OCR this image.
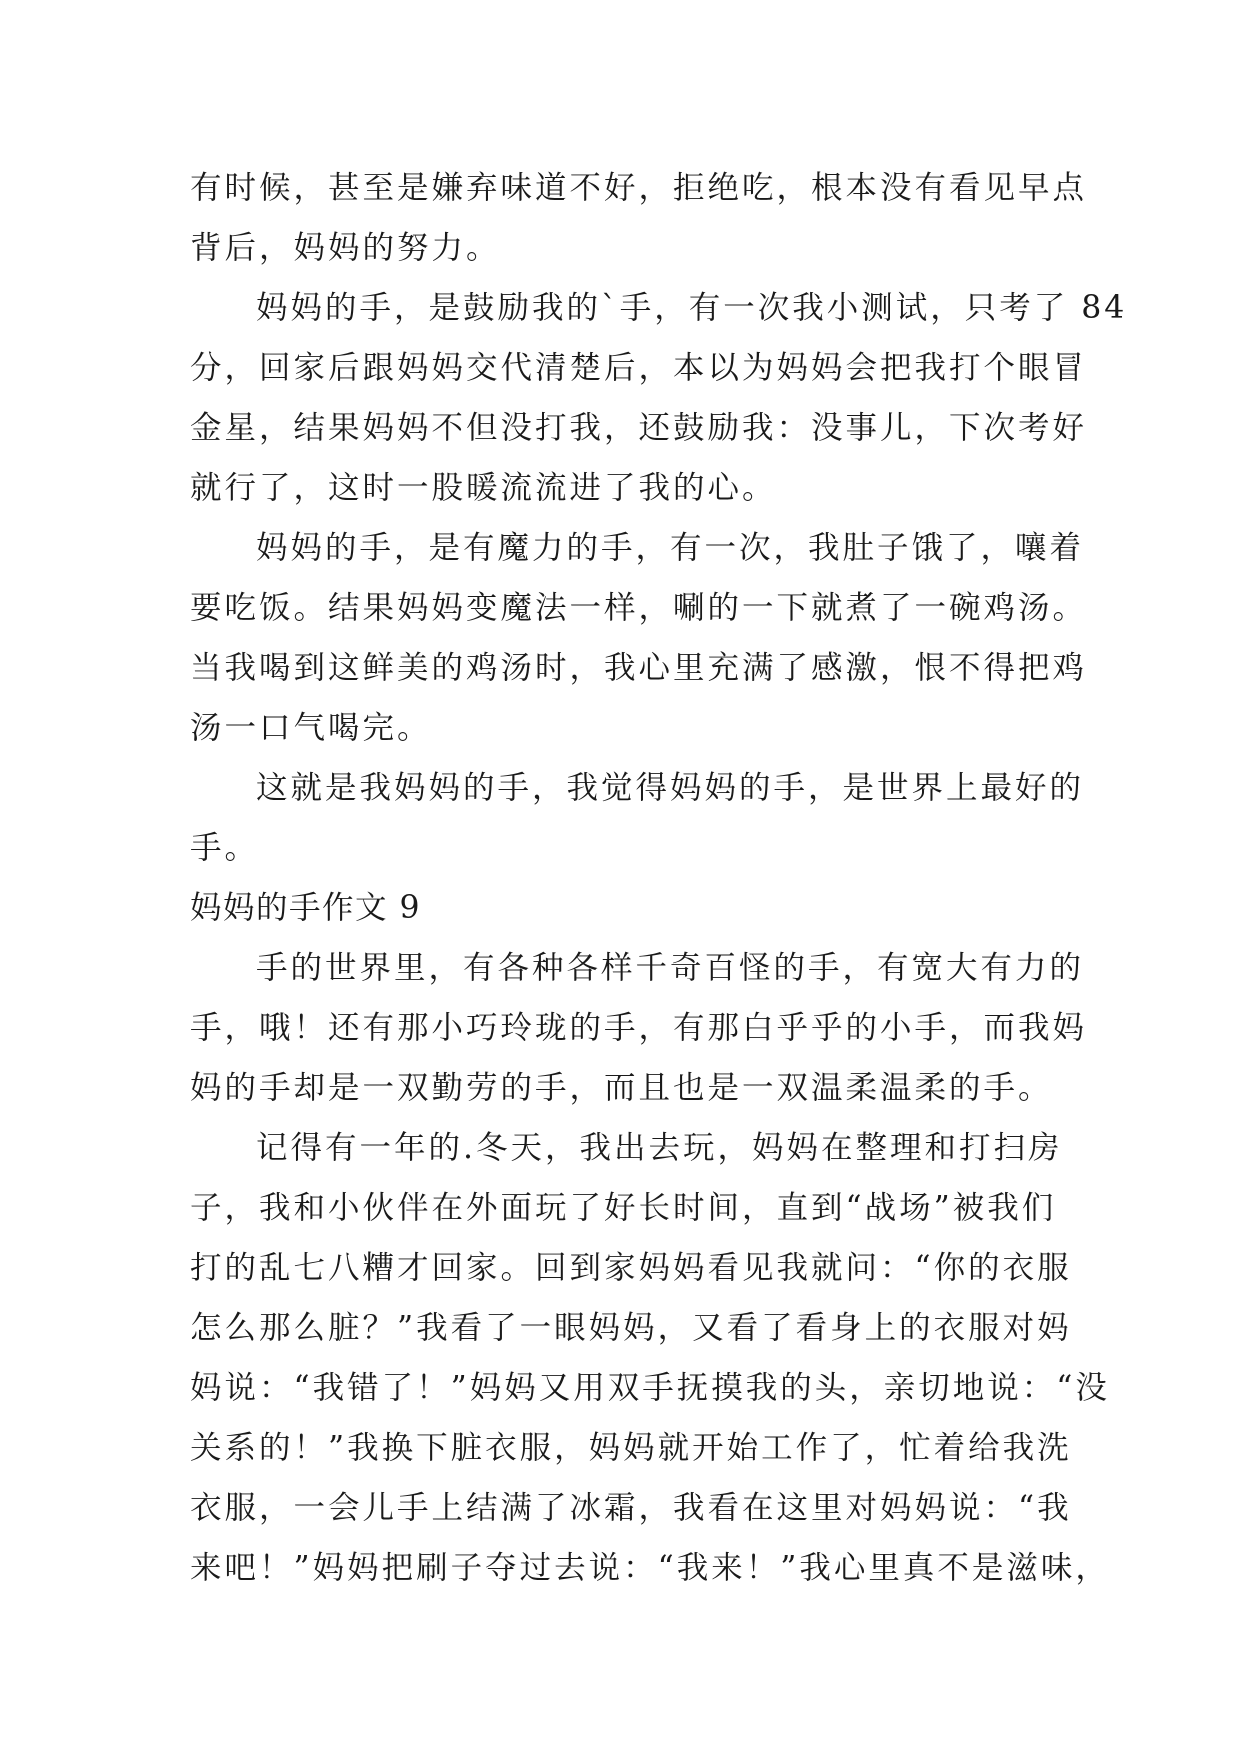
有时候，甚至是嫌弃味道不好，拒绝吃，根本没有看见早点

背后，妈妈的努力。

妈妈的手，是鼓励我的`手，有一次我小测试，只考了 84

分，回家后跟妈妈交代清楚后，本以为妈妈会把我打个眼冒

金星，结果妈妈不但没打我，还鼓励我：没事儿，下次考好

就行了，这时一股暖流流进了我的心。

妈妈的手，是有魔力的手，有一次，我肚子饿了，嚷着

要吃饭。结果妈妈变魔法一样，唰的一下就煮了一碗鸡汤。

当我喝到这鲜美的鸡汤时，我心里充满了感激，恨不得把鸡

汤一口气喝完。

这就是我妈妈的手，我觉得妈妈的手，是世界上最好的

手。

妈妈的手作文 9

手的世界里，有各种各样千奇百怪的手，有宽大有力的

手，哦！还有那小巧玲珑的手，有那白乎乎的小手，而我妈

妈的手却是一双勤劳的手，而且也是一双温柔温柔的手。

记得有一年的.冬天，我出去玩，妈妈在整理和打扫房

子，我和小伙伴在外面玩了好长时间，直到“战场”被我们

打的乱七八糟才回家。回到家妈妈看见我就问：“你的衣服

怎么那么脏？”我看了一眼妈妈，又看了看身上的衣服对妈

妈说：“我错了！”妈妈又用双手抚摸我的头，亲切地说：“没

关系的！”我换下脏衣服，妈妈就开始工作了，忙着给我洗

衣服，一会儿手上结满了冰霜，我看在这里对妈妈说：“我

来吧！”妈妈把刷子夺过去说：“我来！”我心里真不是滋味，
